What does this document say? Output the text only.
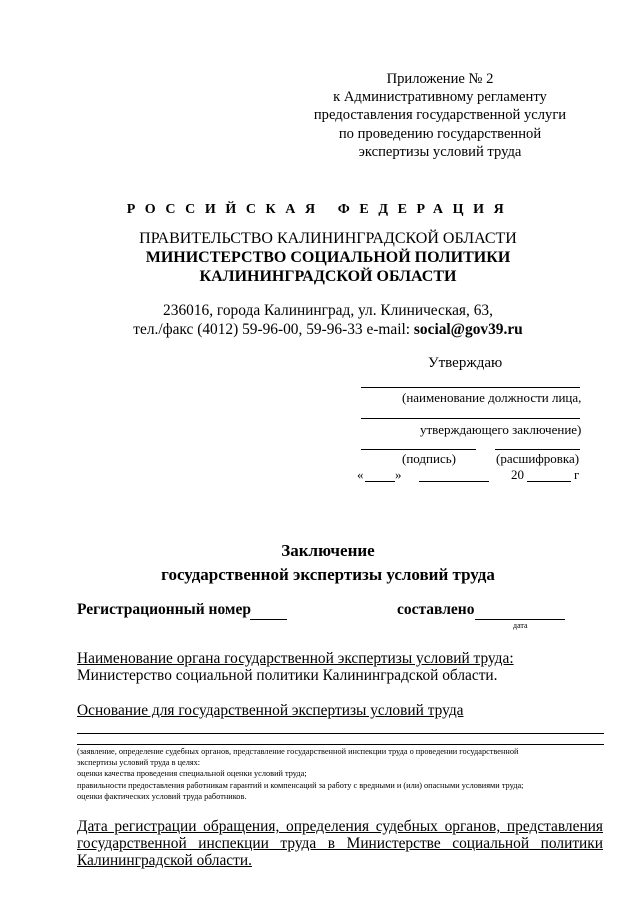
Приложение № 2
к Административному регламенту
предоставления государственной услуги
по проведению государственной
экспертизы условий труда
РОССИЙСКАЯ ФЕДЕРАЦИЯ
ПРАВИТЕЛЬСТВО КАЛИНИНГРАДСКОЙ ОБЛАСТИ
МИНИСТЕРСТВО СОЦИАЛЬНОЙ ПОЛИТИКИ
КАЛИНИНГРАДСКОЙ ОБЛАСТИ
236016, города Калининград, ул. Клиническая, 63,
тел./факс (4012) 59-96-00, 59-96-33 e-mail: social@gov39.ru
Утверждаю
(наименование должности лица,
утверждающего заключение)
(подпись)	(расшифровка)
« »	20	г
Заключение
государственной экспертизы условий труда
Регистрационный номер	составлено
дата
Наименование органа государственной экспертизы условий труда:
Министерство социальной политики Калининградской области.
Основание для государственной экспертизы условий труда
(заявление, определение судебных органов, представление государственной инспекции труда о проведении государственной
экспертизы условий труда в целях:
оценки качества проведения специальной оценки условий труда;
правильности предоставления работникам гарантий и компенсаций за работу с вредными и (или) опасными условиями труда;
оценки фактических условий труда работников.
Дата регистрации обращения, определения судебных органов, представления государственной инспекции труда в Министерстве социальной политики Калининградской области.
